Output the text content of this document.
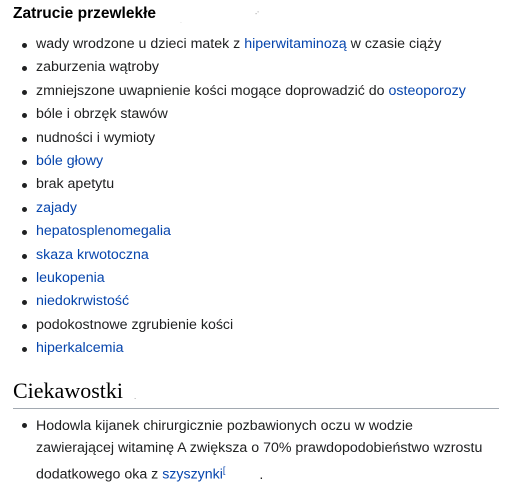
Zatrucie przewlekłe	-'
.
wady wrodzone u dzieci matek z hiperwitaminozą w czasie ciąży
zaburzenia wątroby
zmniejszone uwapnienie kości mogące doprowadzić do osteoporozy
bóle i obrzęk stawów
nudności i wymioty
bóle głowy
brak apetytu
zajady
hepatosplenomegalia
skaza krwotoczna
leukopenia
niedokrwistość
podokostnowe zgrubienie kości
hiperkalcemia
Ciekawostki	.
Hodowla kijanek chirurgicznie pozbawionych oczu w wodzie zawierającej witaminę A zwiększa o 70% prawdopodobieństwo wzrostu dodatkowego oka z szyszynki[ .
